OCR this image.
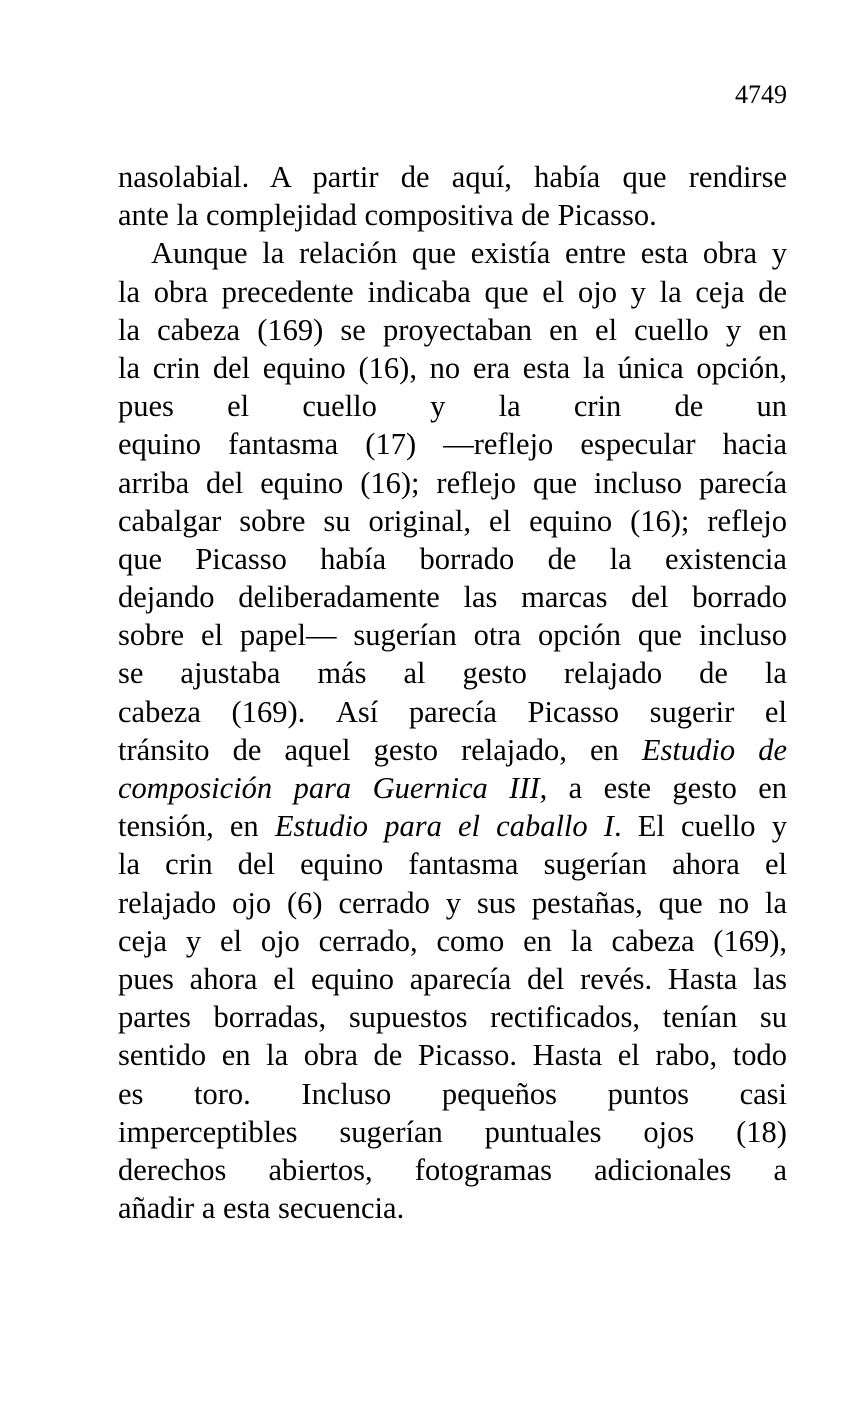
4749
nasolabial. A partir de aquí, había que rendirse
ante la complejidad compositiva de Picasso.
Aunque la relación que existía entre esta obra y
la obra precedente indicaba que el ojo y la ceja de
la cabeza (169) se proyectaban en el cuello y en
la crin del equino (16), no era esta la única opción,
pues el cuello y la crin de un
equino fantasma (17) —reflejo especular hacia
arriba del equino (16); reflejo que incluso parecía
cabalgar sobre su original, el equino (16); reflejo
que Picasso había borrado de la existencia
dejando deliberadamente las marcas del borrado
sobre el papel— sugerían otra opción que incluso
se ajustaba más al gesto relajado de la
cabeza (169). Así parecía Picasso sugerir el
tránsito de aquel gesto relajado, en Estudio de
composición para Guernica III, a este gesto en
tensión, en Estudio para el caballo I. El cuello y
la crin del equino fantasma sugerían ahora el
relajado ojo (6) cerrado y sus pestañas, que no la
ceja y el ojo cerrado, como en la cabeza (169),
pues ahora el equino aparecía del revés. Hasta las
partes borradas, supuestos rectificados, tenían su
sentido en la obra de Picasso. Hasta el rabo, todo
es toro. Incluso pequeños puntos casi
imperceptibles sugerían puntuales ojos (18)
derechos abiertos, fotogramas adicionales a
añadir a esta secuencia.
